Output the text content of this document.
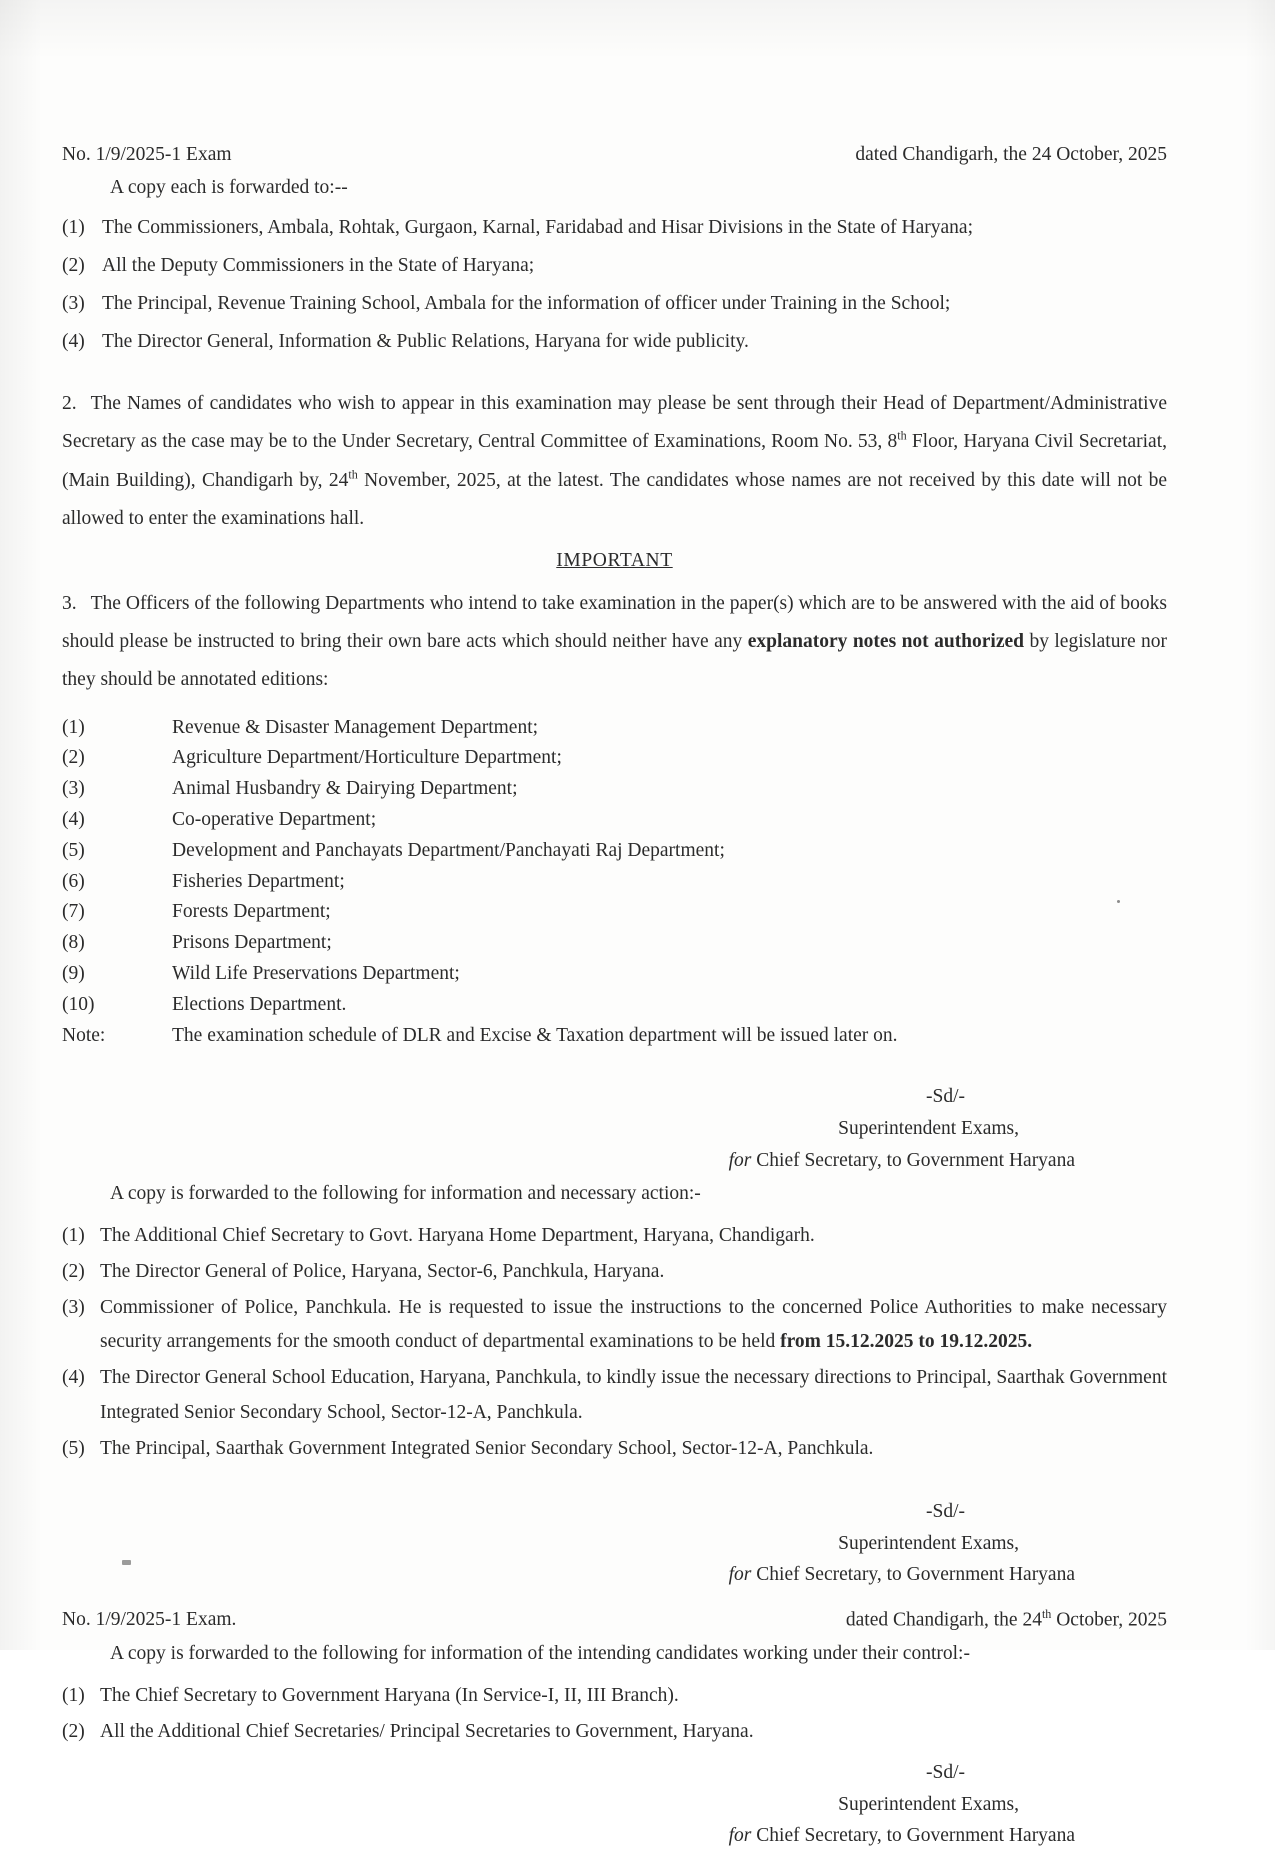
No. 1/9/2025-1 Exam	dated Chandigarh, the 24 October, 2025
A copy each is forwarded to:--
(1) The Commissioners, Ambala, Rohtak, Gurgaon, Karnal, Faridabad and Hisar Divisions in the State of Haryana;
(2) All the Deputy Commissioners in the State of Haryana;
(3) The Principal, Revenue Training School, Ambala for the information of officer under Training in the School;
(4) The Director General, Information & Public Relations, Haryana for wide publicity.
2. The Names of candidates who wish to appear in this examination may please be sent through their Head of Department/Administrative Secretary as the case may be to the Under Secretary, Central Committee of Examinations, Room No. 53, 8th Floor, Haryana Civil Secretariat, (Main Building), Chandigarh by, 24th November, 2025, at the latest. The candidates whose names are not received by this date will not be allowed to enter the examinations hall.
IMPORTANT
3. The Officers of the following Departments who intend to take examination in the paper(s) which are to be answered with the aid of books should please be instructed to bring their own bare acts which should neither have any explanatory notes not authorized by legislature nor they should be annotated editions:
(1)	Revenue & Disaster Management Department;
(2)	Agriculture Department/Horticulture Department;
(3)	Animal Husbandry & Dairying Department;
(4)	Co-operative Department;
(5)	Development and Panchayats Department/Panchayati Raj Department;
(6)	Fisheries Department;
(7)	Forests Department;
(8)	Prisons Department;
(9)	Wild Life Preservations Department;
(10)	Elections Department.
Note:	The examination schedule of DLR and Excise & Taxation department will be issued later on.
-Sd/-
Superintendent Exams,
for Chief Secretary, to Government Haryana
A copy is forwarded to the following for information and necessary action:-
(1) The Additional Chief Secretary to Govt. Haryana Home Department, Haryana, Chandigarh.
(2) The Director General of Police, Haryana, Sector-6, Panchkula, Haryana.
(3) Commissioner of Police, Panchkula. He is requested to issue the instructions to the concerned Police Authorities to make necessary security arrangements for the smooth conduct of departmental examinations to be held from 15.12.2025 to 19.12.2025.
(4) The Director General School Education, Haryana, Panchkula, to kindly issue the necessary directions to Principal, Saarthak Government Integrated Senior Secondary School, Sector-12-A, Panchkula.
(5) The Principal, Saarthak Government Integrated Senior Secondary School, Sector-12-A, Panchkula.
-Sd/-
Superintendent Exams,
for Chief Secretary, to Government Haryana
No. 1/9/2025-1 Exam.	dated Chandigarh, the 24th October, 2025
A copy is forwarded to the following for information of the intending candidates working under their control:-
(1) The Chief Secretary to Government Haryana (In Service-I, II, III Branch).
(2) All the Additional Chief Secretaries/ Principal Secretaries to Government, Haryana.
-Sd/-
Superintendent Exams,
for Chief Secretary, to Government Haryana
